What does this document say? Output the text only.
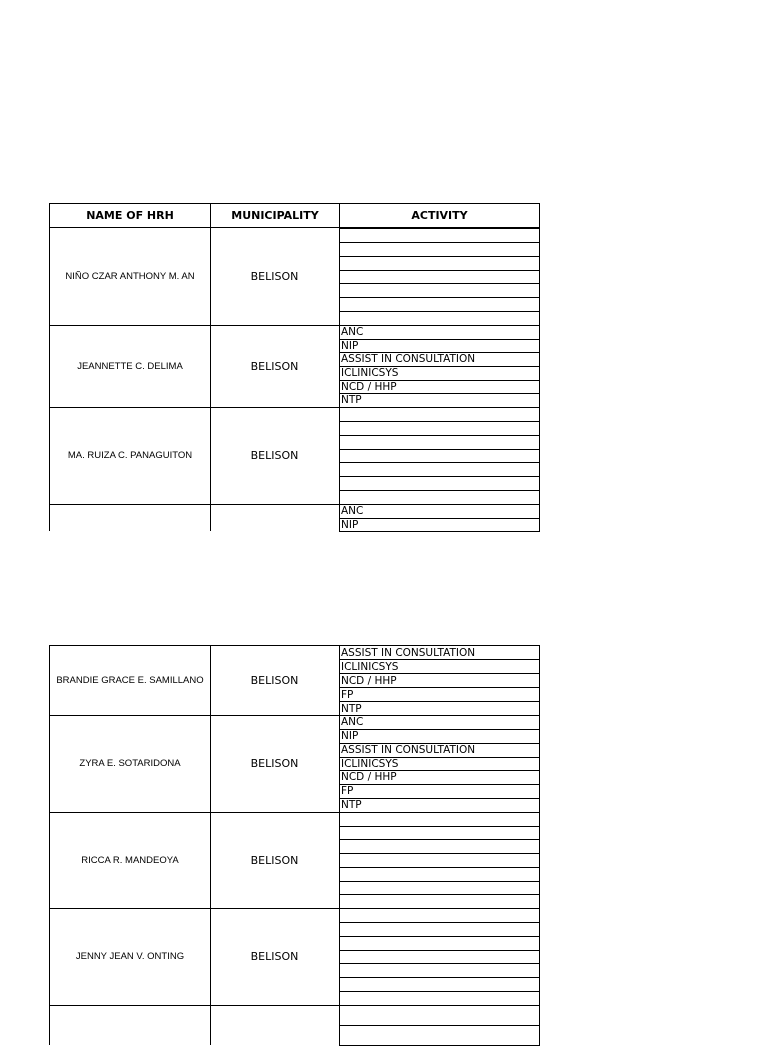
NAME OF HRH	MUNICIPALITY	ACTIVITY
NIÑO CZAR ANTHONY M. AN	BELISON
JEANNETTE C. DELIMA	BELISON
ANC
NIP
ASSIST IN CONSULTATION
ICLINICSYS
NCD / HHP
NTP
MA. RUIZA C. PANAGUITON	BELISON
ANC
NIP
BRANDIE GRACE E. SAMILLANO	BELISON
ASSIST IN CONSULTATION
ICLINICSYS
NCD / HHP
FP
NTP
ZYRA E. SOTARIDONA	BELISON
ANC
NIP
ASSIST IN CONSULTATION
ICLINICSYS
NCD / HHP
FP
NTP
RICCA R. MANDEOYA	BELISON
JENNY JEAN V. ONTING	BELISON
